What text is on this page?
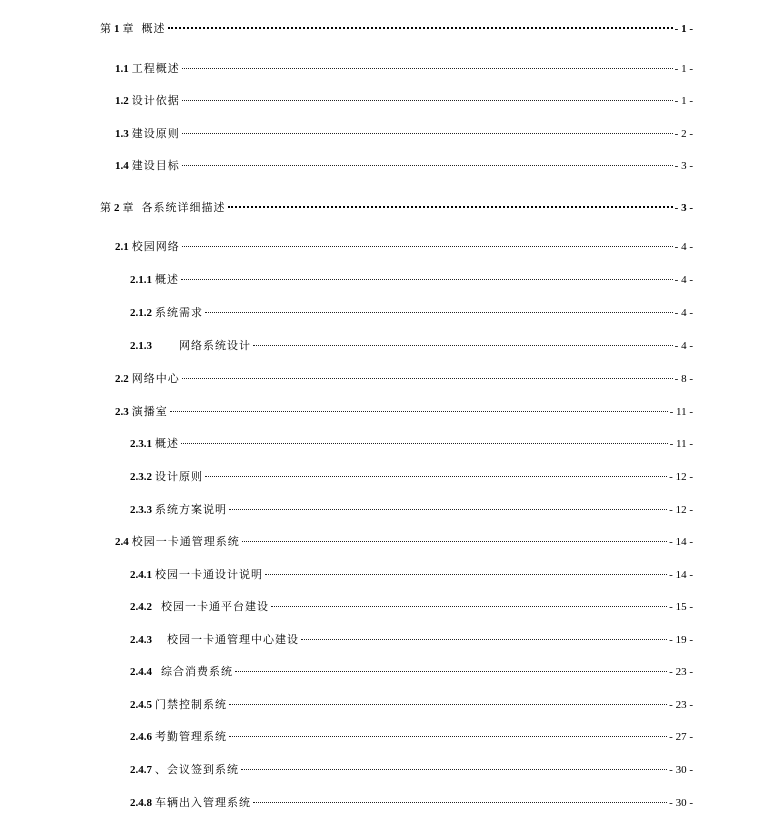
第 1 章 概述	- 1 -
1.1 工程概述	- 1 -
1.2 设计依据	- 1 -
1.3 建设原则	- 2 -
1.4 建设目标	- 3 -
第 2 章 各系统详细描述	- 3 -
2.1 校园网络	- 4 -
2.1.1 概述	- 4 -
2.1.2 系统需求	- 4 -
2.1.3 网络系统设计	- 4 -
2.2 网络中心	- 8 -
2.3 演播室	- 11 -
2.3.1 概述	- 11 -
2.3.2 设计原则	- 12 -
2.3.3 系统方案说明	- 12 -
2.4 校园一卡通管理系统	- 14 -
2.4.1 校园一卡通设计说明	- 14 -
2.4.2 校园一卡通平台建设	- 15 -
2.4.3 校园一卡通管理中心建设	- 19 -
2.4.4 综合消费系统	- 23 -
2.4.5 门禁控制系统	- 23 -
2.4.6 考勤管理系统	- 27 -
2.4.7 、会议签到系统	- 30 -
2.4.8 车辆出入管理系统	- 30 -
